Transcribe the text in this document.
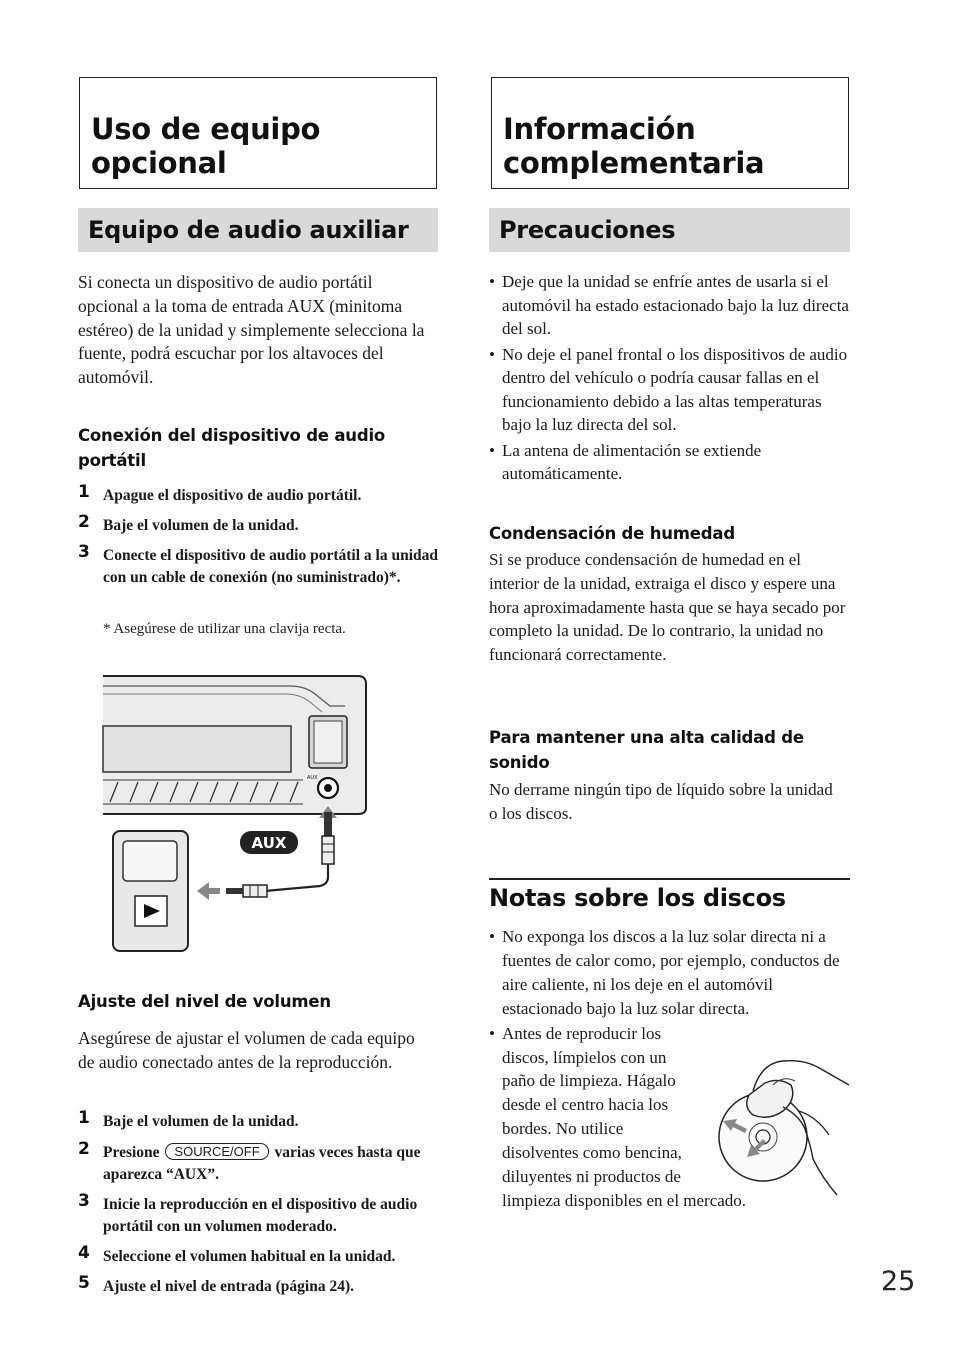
Uso de equipo
opcional
Equipo de audio auxiliar
Si conecta un dispositivo de audio portátil opcional a la toma de entrada AUX (minitoma estéreo) de la unidad y simplemente selecciona la fuente, podrá escuchar por los altavoces del automóvil.
Conexión del dispositivo de audio portátil
1 Apague el dispositivo de audio portátil.
2 Baje el volumen de la unidad.
3 Conecte el dispositivo de audio portátil a la unidad con un cable de conexión (no suministrado)*.
* Asegúrese de utilizar una clavija recta.
AUX
AUX
Ajuste del nivel de volumen
Asegúrese de ajustar el volumen de cada equipo de audio conectado antes de la reproducción.
1 Baje el volumen de la unidad.
2 Presione SOURCE/OFF varias veces hasta que aparezca “AUX”.
3 Inicie la reproducción en el dispositivo de audio portátil con un volumen moderado.
4 Seleccione el volumen habitual en la unidad.
5 Ajuste el nivel de entrada (página 24).
Información
complementaria
Precauciones
• Deje que la unidad se enfríe antes de usarla si el automóvil ha estado estacionado bajo la luz directa del sol.
• No deje el panel frontal o los dispositivos de audio dentro del vehículo o podría causar fallas en el funcionamiento debido a las altas temperaturas bajo la luz directa del sol.
• La antena de alimentación se extiende automáticamente.
Condensación de humedad
Si se produce condensación de humedad en el interior de la unidad, extraiga el disco y espere una hora aproximadamente hasta que se haya secado por completo la unidad. De lo contrario, la unidad no funcionará correctamente.
Para mantener una alta calidad de sonido
No derrame ningún tipo de líquido sobre la unidad o los discos.
Notas sobre los discos
• No exponga los discos a la luz solar directa ni a fuentes de calor como, por ejemplo, conductos de aire caliente, ni los deje en el automóvil estacionado bajo la luz solar directa.
• Antes de reproducir los
discos, límpielos con un
paño de limpieza. Hágalo
desde el centro hacia los
bordes. No utilice
disolventes como bencina,
diluyentes ni productos de
limpieza disponibles en el mercado.
25
